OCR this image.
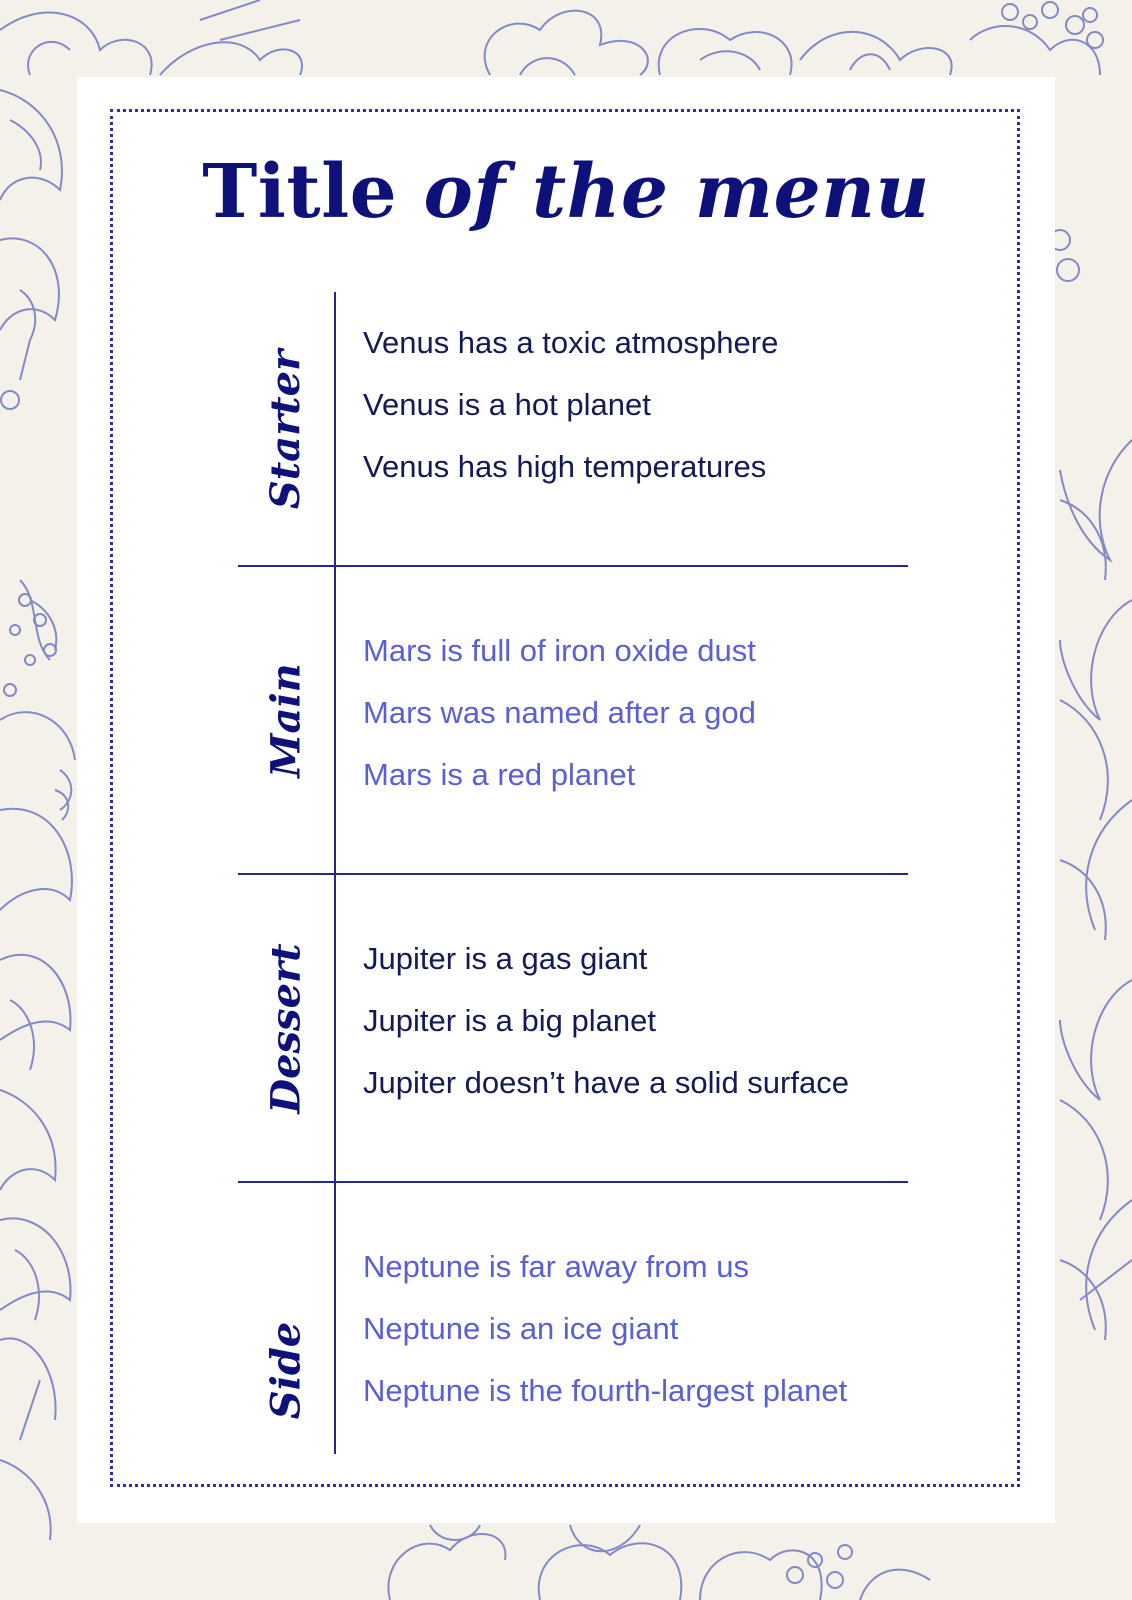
Title of the menu
Starter
Venus has a toxic atmosphere
Venus is a hot planet
Venus has high temperatures
Main
Mars is full of iron oxide dust
Mars was named after a god
Mars is a red planet
Dessert Jupiter is a gas giant
Jupiter is a big planet
Jupiter doesn’t have a solid surface
Side
Neptune is far away from us
Neptune is an ice giant
Neptune is the fourth-largest planet
